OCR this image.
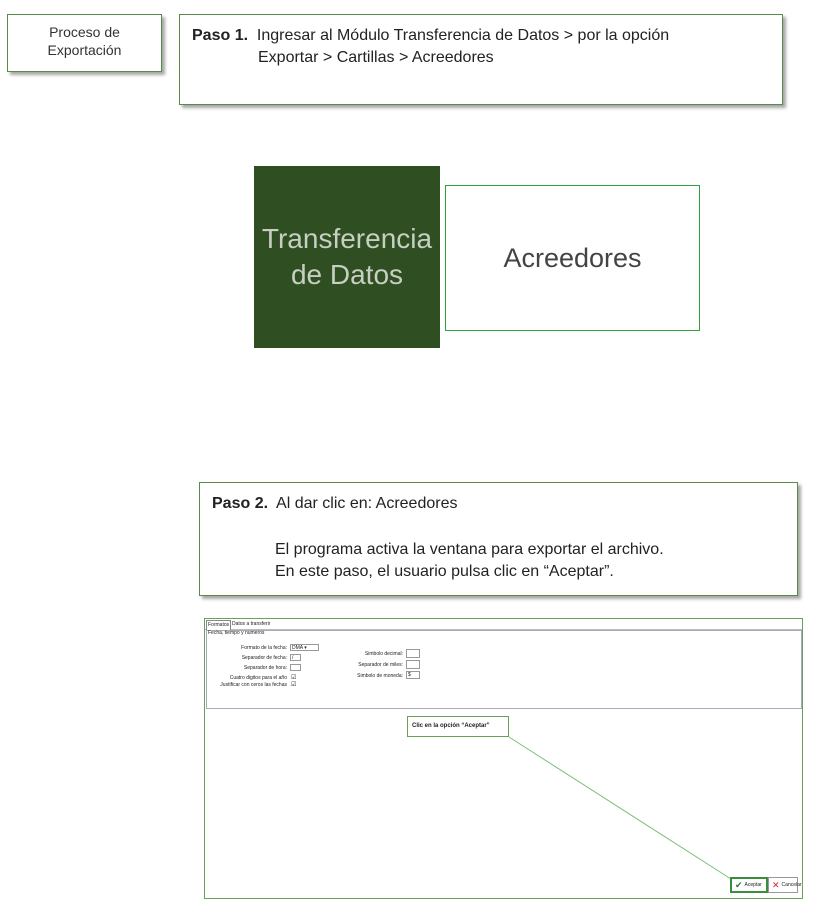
Proceso de
Exportación
Paso 1. Ingresar al Módulo Transferencia de Datos > por la opción
Exportar > Cartillas > Acreedores
Transferencia
de Datos
Acreedores
Paso 2. Al dar clic en: Acreedores
El programa activa la ventana para exportar el archivo.
En este paso, el usuario pulsa clic en “Aceptar”.
Formatos Datos a transferir
Fecha, tiempo y numeros
Formato de la fecha:	DMA ▾
Separador de fecha:	/
Separador de hora:
Cuatro digitos para el año ☑
Justificar con ceros las fechas ☑
Simbolo decimal:
Separador de miles:
Simbolo de moneda:	$
Clic en la opción “Aceptar”
✔ Aceptar ✕ Cancelar
